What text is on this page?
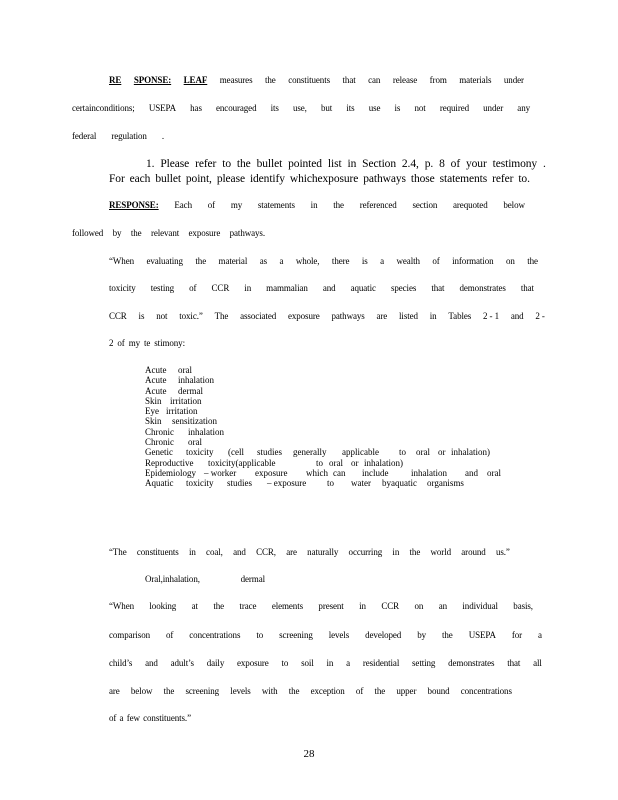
RE SPONSE: LEAF measures the constituents that can release from materials under
certainconditions; USEPA has encouraged its use, but its use is not required under any
federal regulation .
1. Please refer to the bullet pointed list in Section 2.4, p. 8 of your testimony .
For each bullet point, please identify whichexposure pathways those statements refer to.
RESPONSE: Each of my statements in the referenced section arequoted below
followed by the relevant exposure pathways.
“When evaluating the material as a whole, there is a wealth of information on the
toxicity testing of CCR in mammalian and aquatic species that demonstrates that
CCR is not toxic.” The associated exposure pathways are listed in Tables 2 - 1 and 2 -
2 of my te stimony:
Acute oral
Acute inhalation
Acute dermal
Skin irritation
Eye irritation
Skin sensitization
Chronic inhalation
Chronic oral
Genetic toxicity (cell studies generally applicable to oral or inhalation)
Reproductive toxicity(applicable	to oral or inhalation)
Epidemiology – worker exposure which can include	inhalation and oral
Aquatic toxicity studies – exposure to water byaquatic organisms
“The constituents in coal, and CCR, are naturally occurring in the world around us.”
Oral,inhalation,	dermal
“When looking at the trace elements present in CCR on an individual basis,
comparison of concentrations to screening levels developed by the USEPA for a
child’s and adult’s daily exposure to soil in a residential setting demonstrates that all
are below the screening levels with the exception of the upper bound concentrations
of a few constituents.”
28
